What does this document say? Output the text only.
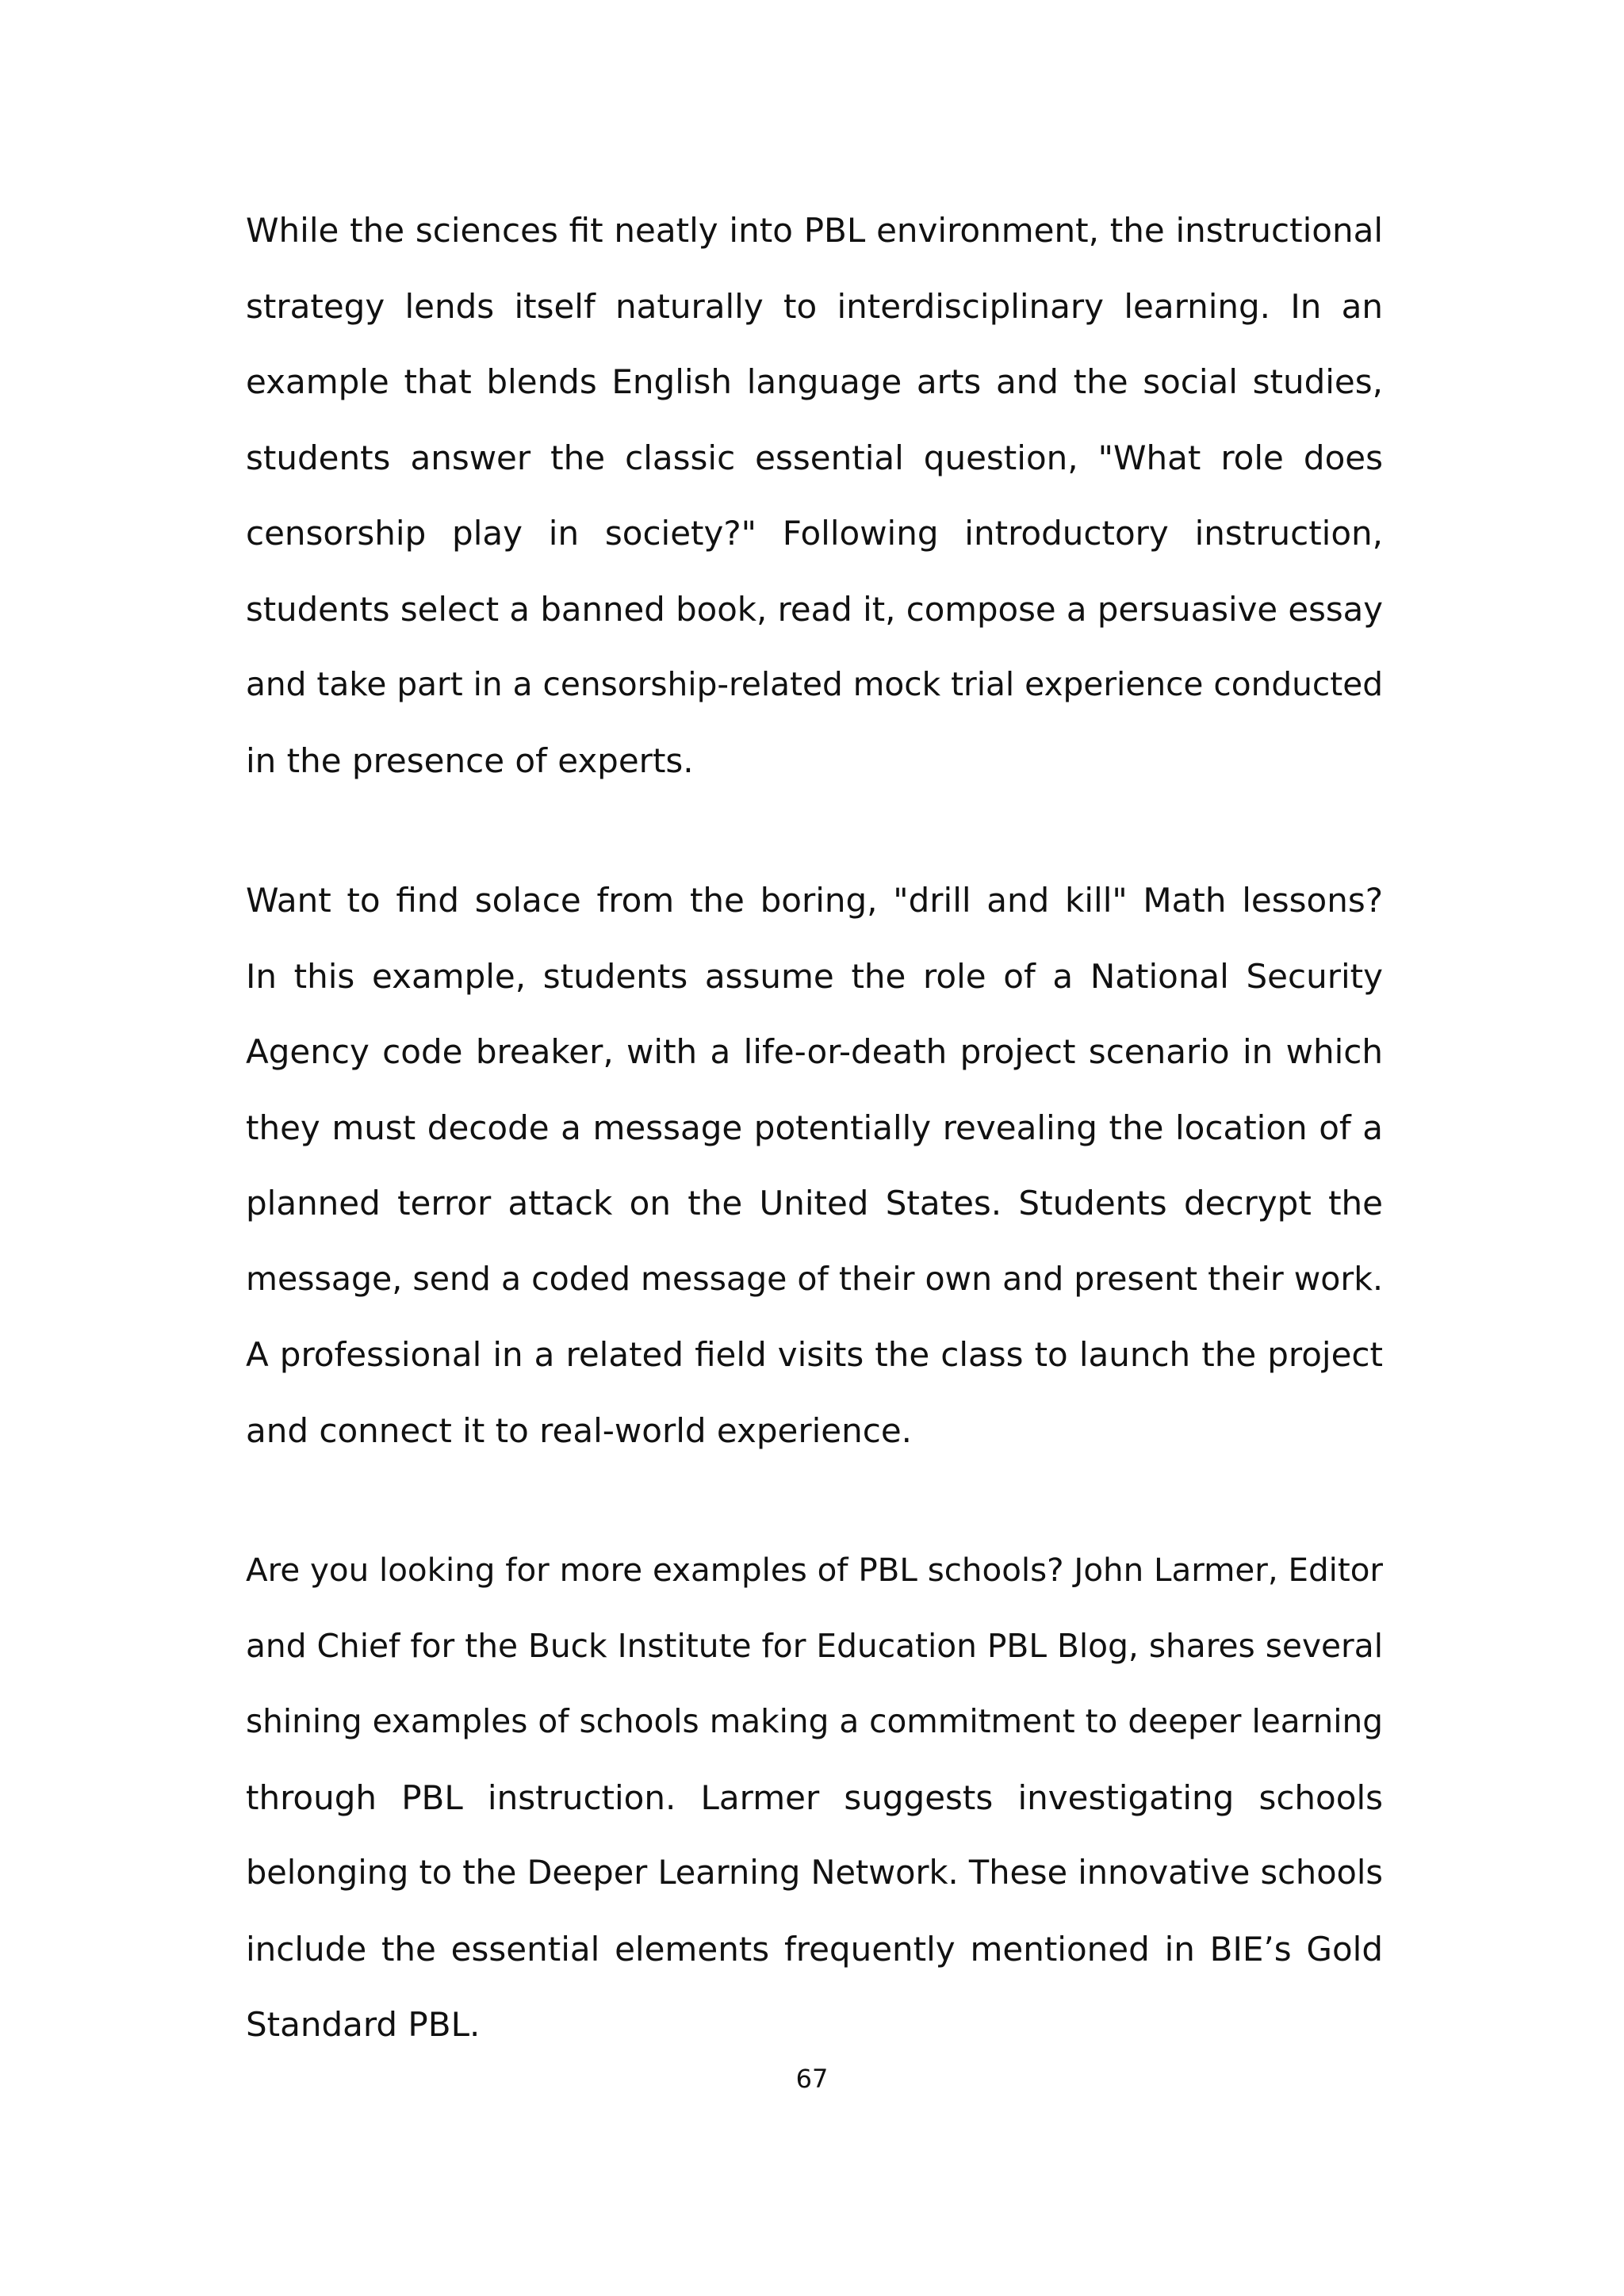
While the sciences fit neatly into PBL environment, the instructional
strategy lends itself naturally to interdisciplinary learning. In an
example that blends English language arts and the social studies,
students answer the classic essential question, "What role does
censorship play in society?" Following introductory instruction,
students select a banned book, read it, compose a persuasive essay
and take part in a censorship-related mock trial experience conducted
in the presence of experts.
Want to find solace from the boring, "drill and kill" Math lessons?
In this example, students assume the role of a National Security
Agency code breaker, with a life-or-death project scenario in which
they must decode a message potentially revealing the location of a
planned terror attack on the United States. Students decrypt the
message, send a coded message of their own and present their work.
A professional in a related field visits the class to launch the project
and connect it to real-world experience.
Are you looking for more examples of PBL schools? John Larmer, Editor
and Chief for the Buck Institute for Education PBL Blog, shares several
shining examples of schools making a commitment to deeper learning
through PBL instruction. Larmer suggests investigating schools
belonging to the Deeper Learning Network. These innovative schools
include the essential elements frequently mentioned in BIE’s Gold
Standard PBL.
67
